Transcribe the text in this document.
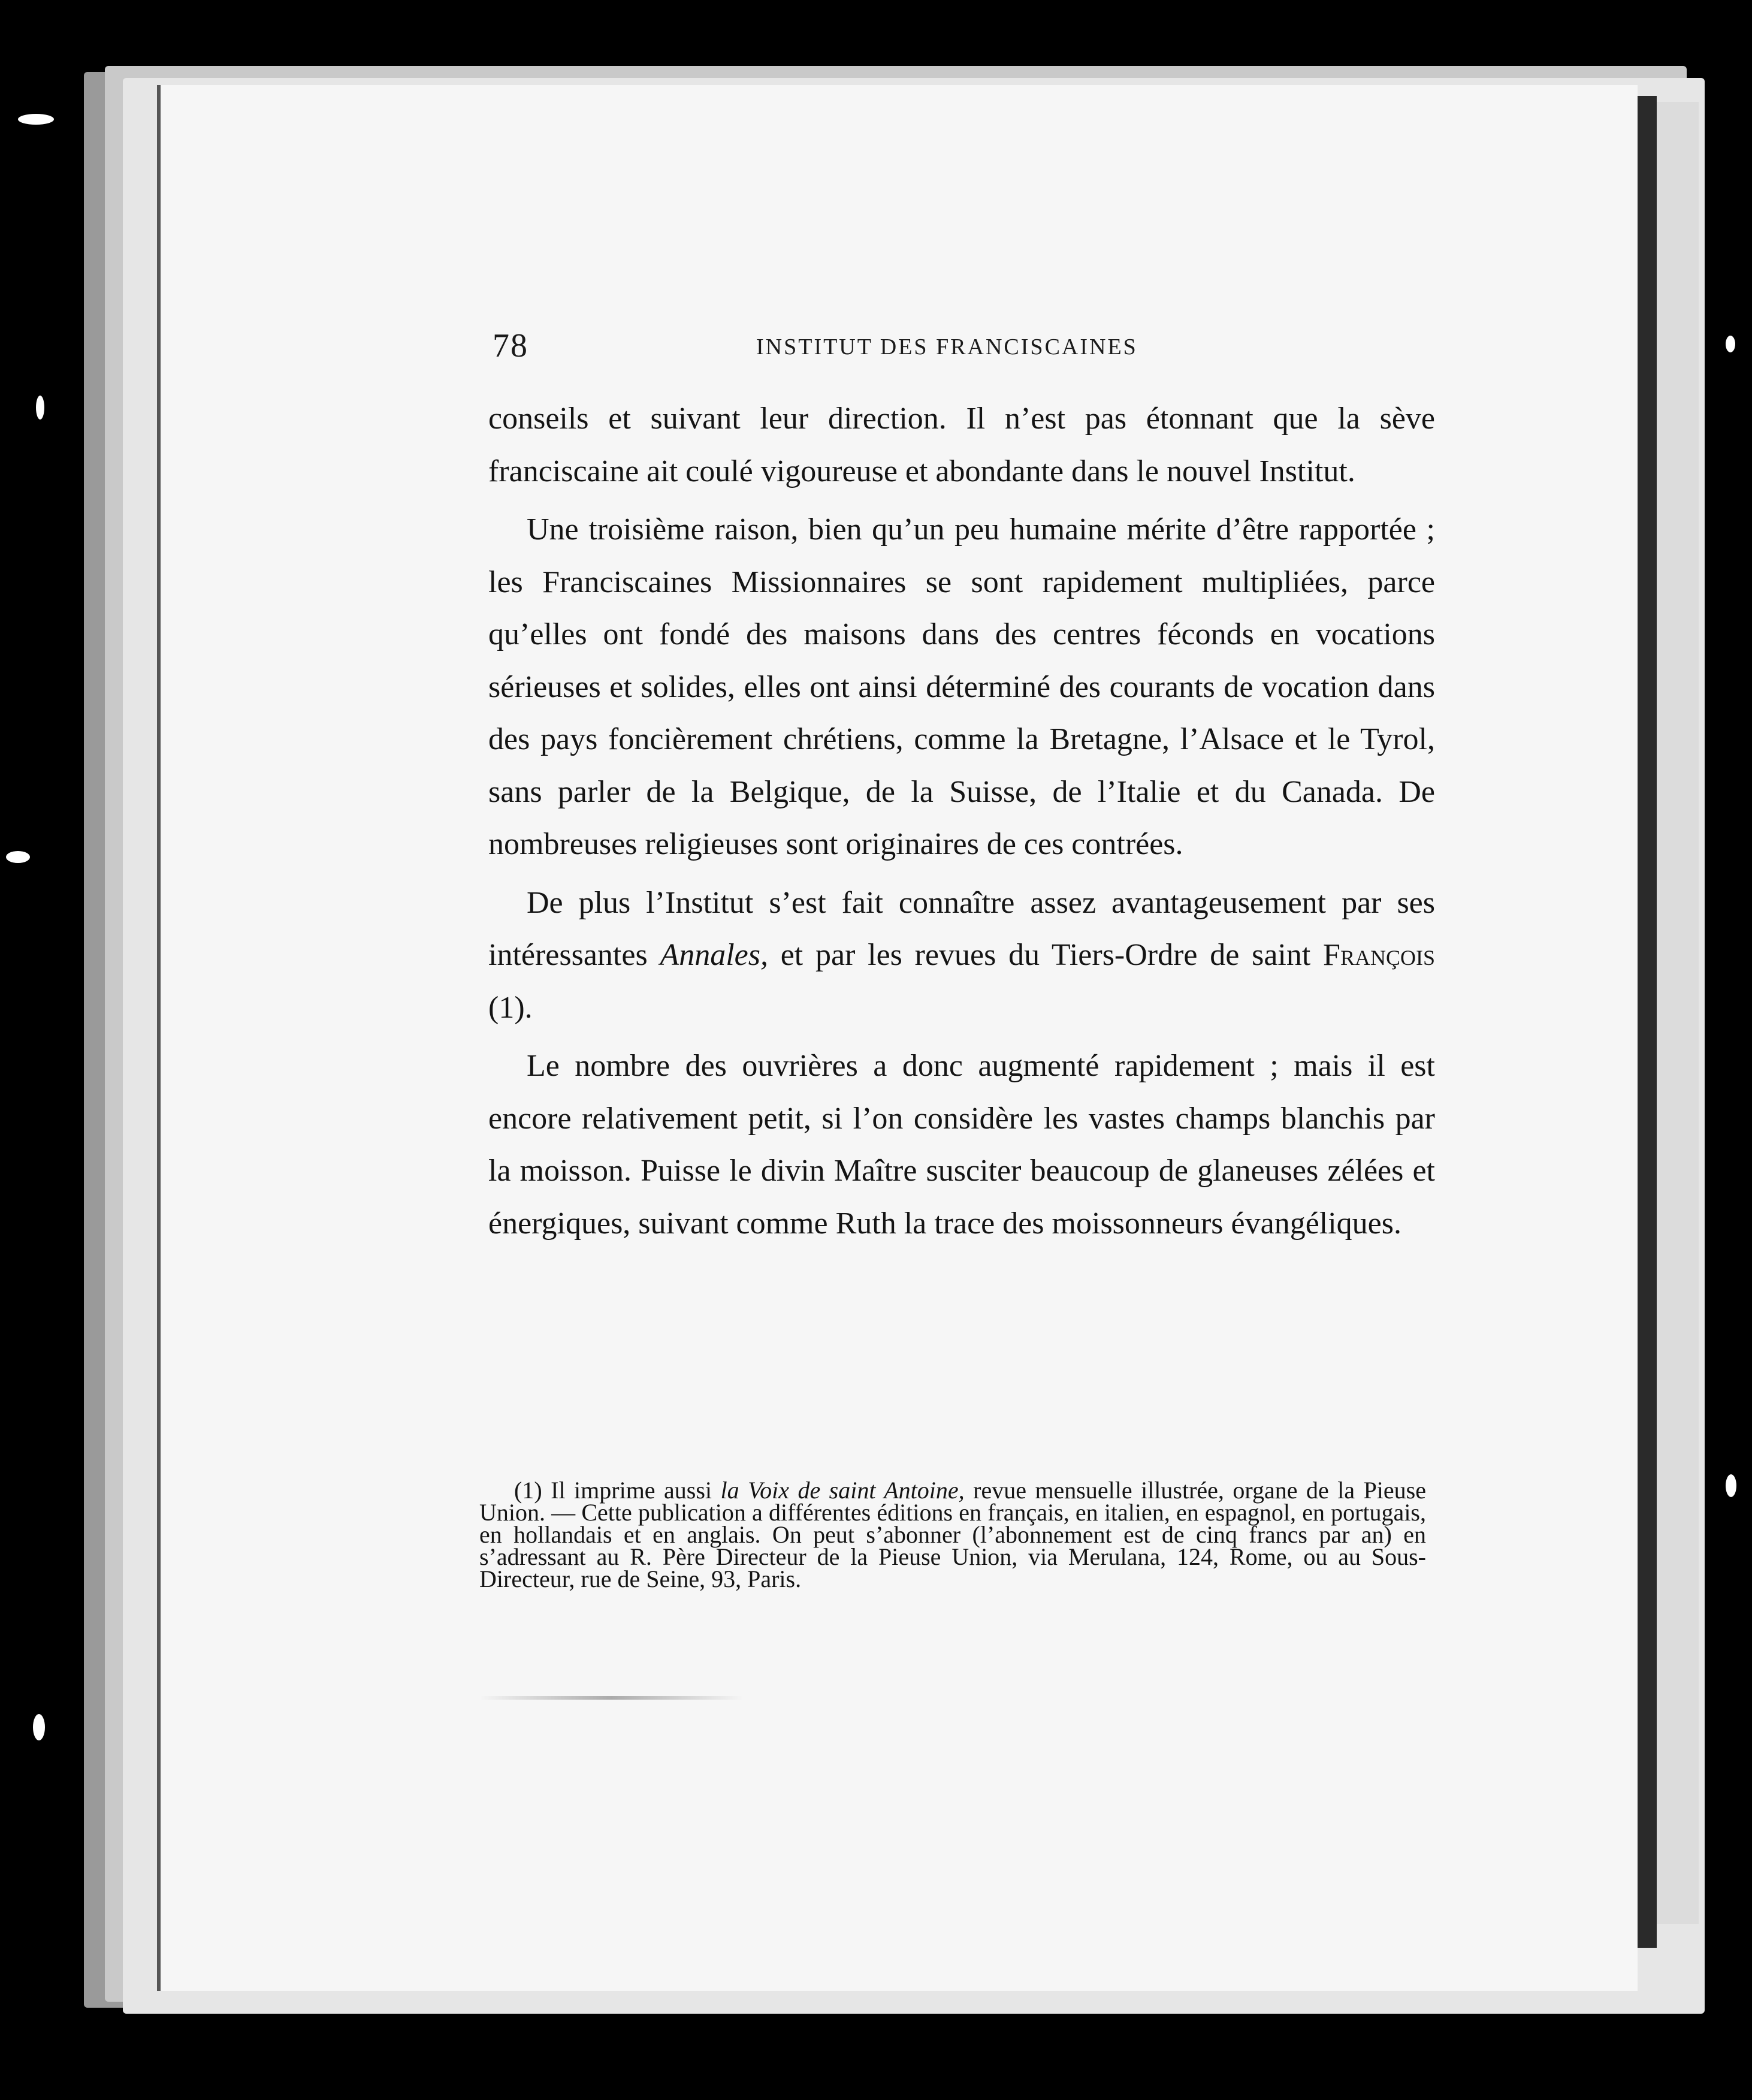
78	INSTITUT DES FRANCISCAINES

conseils et suivant leur direction. Il n’est pas étonnant que la sève franciscaine ait coulé vigoureuse et abondante dans le nouvel Institut.

Une troisième raison, bien qu’un peu humaine mérite d’être rapportée ; les Franciscaines Missionnaires se sont rapidement multipliées, parce qu’elles ont fondé des maisons dans des centres féconds en vocations sérieuses et solides, elles ont ainsi déterminé des courants de vocation dans des pays foncièrement chrétiens, comme la Bretagne, l’Alsace et le Tyrol, sans parler de la Belgique, de la Suisse, de l’Italie et du Canada. De nombreuses religieuses sont originaires de ces contrées.

De plus l’Institut s’est fait connaître assez avantageusement par ses intéressantes Annales, et par les revues du Tiers-Ordre de saint François (1).

Le nombre des ouvrières a donc augmenté rapidement ; mais il est encore relativement petit, si l’on considère les vastes champs blanchis par la moisson. Puisse le divin Maître susciter beaucoup de glaneuses zélées et énergiques, suivant comme Ruth la trace des moissonneurs évangéliques.

(1) Il imprime aussi la Voix de saint Antoine, revue mensuelle illustrée, organe de la Pieuse Union. — Cette publication a différentes éditions en français, en italien, en espagnol, en portugais, en hollandais et en anglais. On peut s’abonner (l’abonnement est de cinq francs par an) en s’adressant au R. Père Directeur de la Pieuse Union, via Merulana, 124, Rome, ou au Sous-Directeur, rue de Seine, 93, Paris.
